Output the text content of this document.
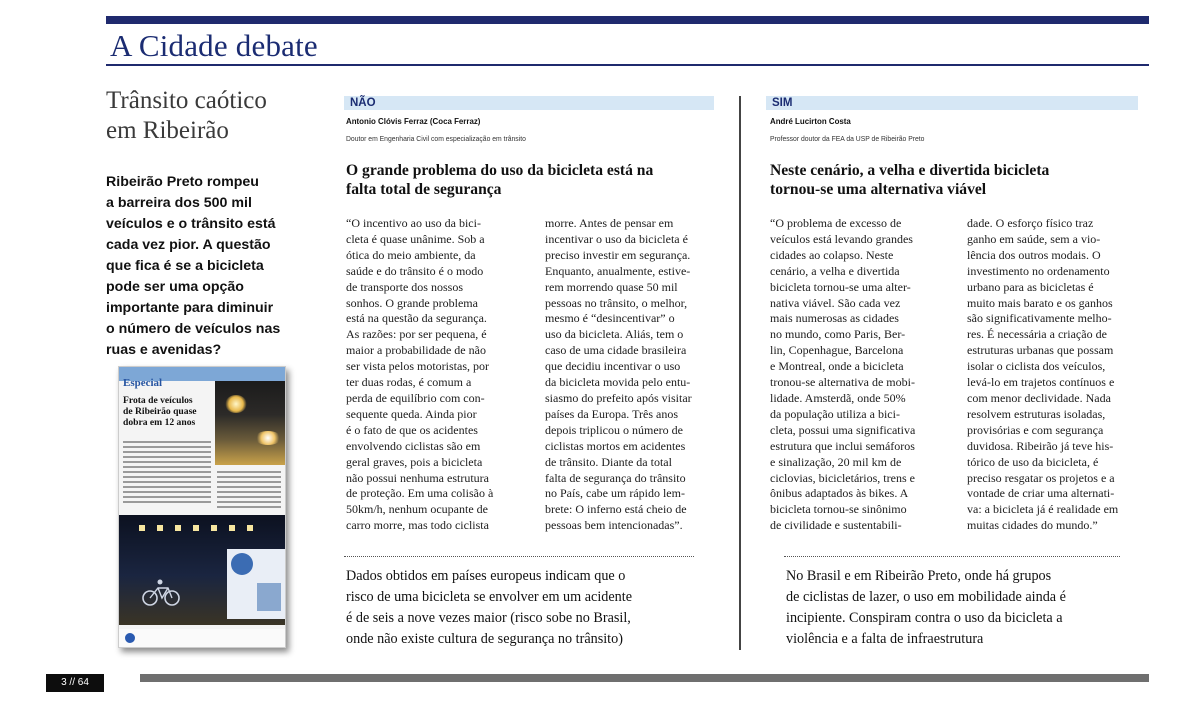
A Cidade debate
Trânsito caótico
em Ribeirão
Ribeirão Preto rompeu
a barreira dos 500 mil
veículos e o trânsito está
cada vez pior. A questão
que fica é se a bicicleta
pode ser uma opção
importante para diminuir
o número de veículos nas
ruas e avenidas?
Especial
Frota de veículos
de Ribeirão quase
dobra em 12 anos
NÃO
Antonio Clóvis Ferraz (Coca Ferraz)
Doutor em Engenharia Civil com especialização em trânsito
O grande problema do uso da bicicleta está na
falta total de segurança
“O incentivo ao uso da bici-
cleta é quase unânime. Sob a
ótica do meio ambiente, da
saúde e do trânsito é o modo
de transporte dos nossos
sonhos. O grande problema
está na questão da segurança.
As razões: por ser pequena, é
maior a probabilidade de não
ser vista pelos motoristas, por
ter duas rodas, é comum a
perda de equilíbrio com con-
sequente queda. Ainda pior
é o fato de que os acidentes
envolvendo ciclistas são em
geral graves, pois a bicicleta
não possui nenhuma estrutura
de proteção. Em uma colisão à
50km/h, nenhum ocupante de
carro morre, mas todo ciclista
morre. Antes de pensar em
incentivar o uso da bicicleta é
preciso investir em segurança.
Enquanto, anualmente, estive-
rem morrendo quase 50 mil
pessoas no trânsito, o melhor,
mesmo é “desincentivar” o
uso da bicicleta. Aliás, tem o
caso de uma cidade brasileira
que decidiu incentivar o uso
da bicicleta movida pelo entu-
siasmo do prefeito após visitar
países da Europa. Três anos
depois triplicou o número de
ciclistas mortos em acidentes
de trânsito. Diante da total
falta de segurança do trânsito
no País, cabe um rápido lem-
brete: O inferno está cheio de
pessoas bem intencionadas”.
Dados obtidos em países europeus indicam que o
risco de uma bicicleta se envolver em um acidente
é de seis a nove vezes maior (risco sobe no Brasil,
onde não existe cultura de segurança no trânsito)
SIM
André Lucirton Costa
Professor doutor da FEA da USP de Ribeirão Preto
Neste cenário, a velha e divertida bicicleta
tornou-se uma alternativa viável
“O problema de excesso de
veículos está levando grandes
cidades ao colapso. Neste
cenário, a velha e divertida
bicicleta tornou-se uma alter-
nativa viável. São cada vez
mais numerosas as cidades
no mundo, como Paris, Ber-
lin, Copenhague, Barcelona
e Montreal, onde a bicicleta
tronou-se alternativa de mobi-
lidade. Amsterdã, onde 50%
da população utiliza a bici-
cleta, possui uma significativa
estrutura que inclui semáforos
e sinalização, 20 mil km de
ciclovias, bicicletários, trens e
ônibus adaptados às bikes. A
bicicleta tornou-se sinônimo
de civilidade e sustentabili-
dade. O esforço físico traz
ganho em saúde, sem a vio-
lência dos outros modais. O
investimento no ordenamento
urbano para as bicicletas é
muito mais barato e os ganhos
são significativamente melho-
res. É necessária a criação de
estruturas urbanas que possam
isolar o ciclista dos veículos,
levá-lo em trajetos contínuos e
com menor declividade. Nada
resolvem estruturas isoladas,
provisórias e com segurança
duvidosa. Ribeirão já teve his-
tórico de uso da bicicleta, é
preciso resgatar os projetos e a
vontade de criar uma alternati-
va: a bicicleta já é realidade em
muitas cidades do mundo.”
No Brasil e em Ribeirão Preto, onde há grupos
de ciclistas de lazer, o uso em mobilidade ainda é
incipiente. Conspiram contra o uso da bicicleta a
violência e a falta de infraestrutura
3 // 64
